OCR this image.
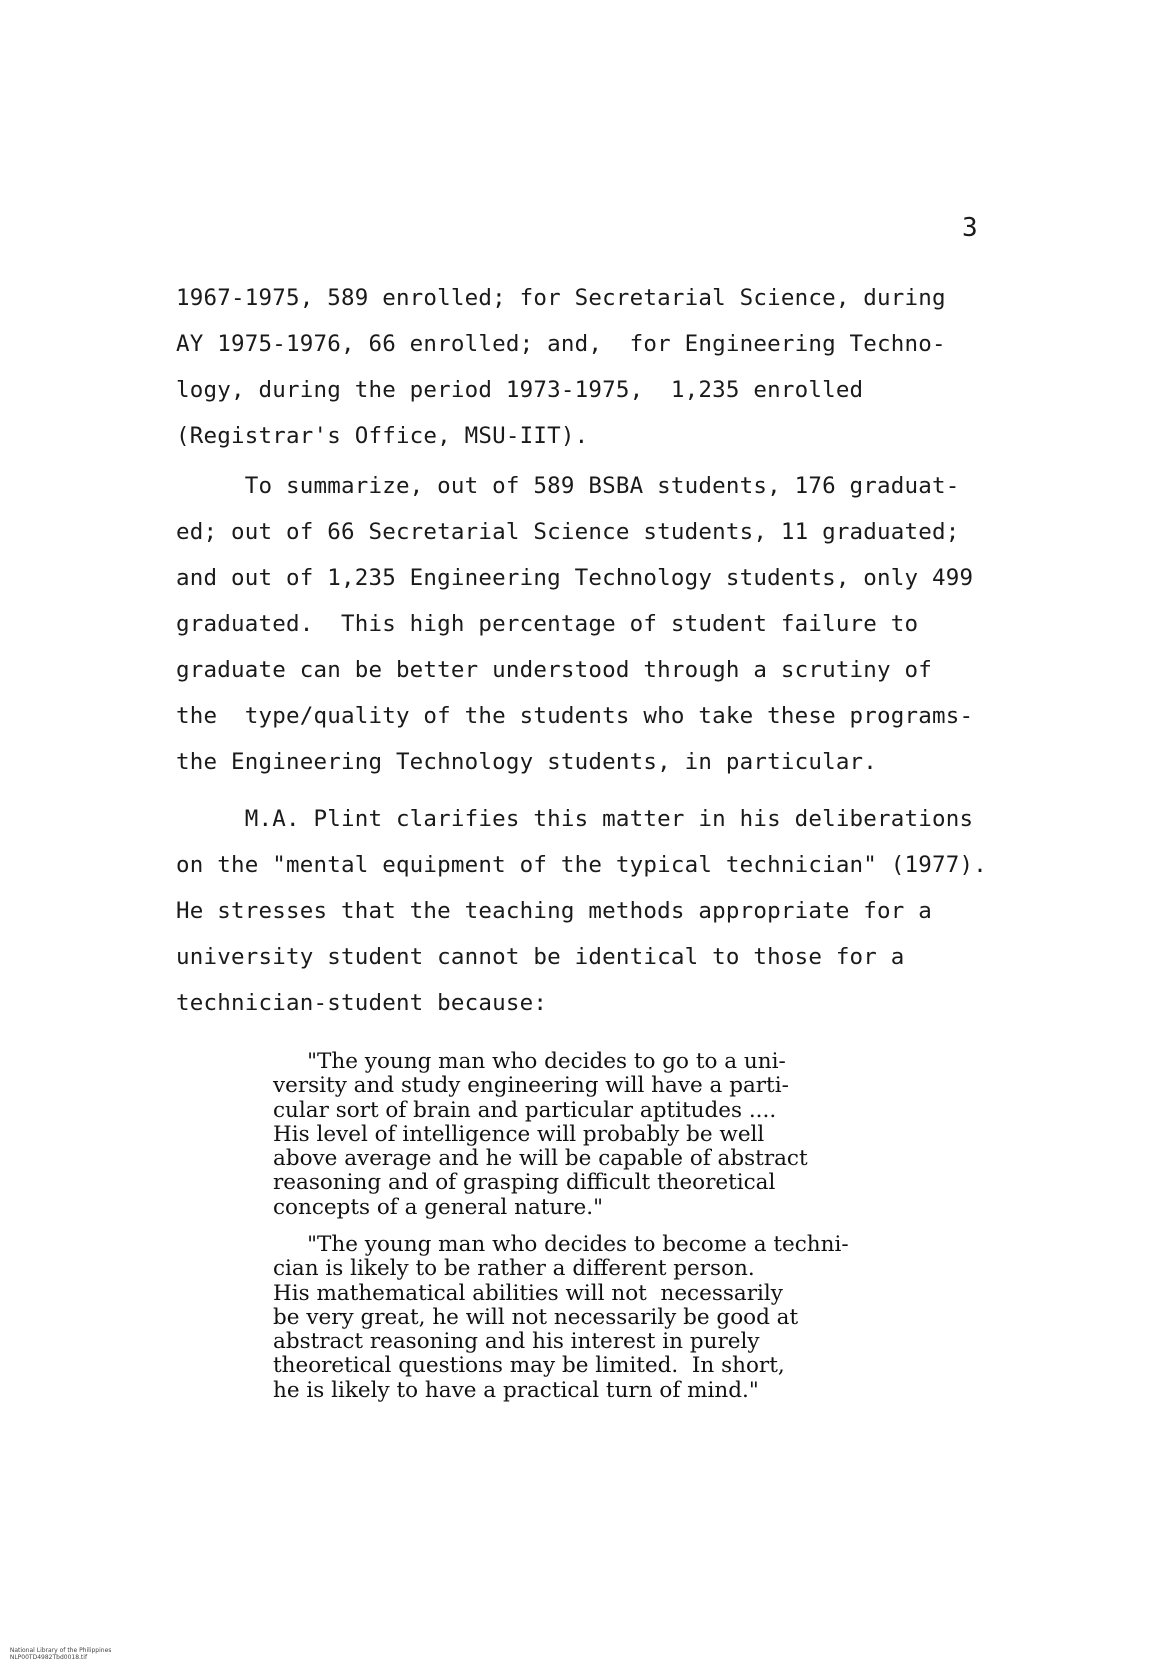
3
1967-1975, 589 enrolled; for Secretarial Science, during
AY 1975-1976, 66 enrolled; and,  for Engineering Techno-
logy, during the period 1973-1975,  1,235 enrolled
(Registrar's Office, MSU-IIT).
To summarize, out of 589 BSBA students, 176 graduat-
ed; out of 66 Secretarial Science students, 11 graduated;
and out of 1,235 Engineering Technology students, only 499
graduated.  This high percentage of student failure to
graduate can be better understood through a scrutiny of
the  type/quality of the students who take these programs-
the Engineering Technology students, in particular.
M.A. Plint clarifies this matter in his deliberations
on the "mental equipment of the typical technician" (1977).
He stresses that the teaching methods appropriate for a
university student cannot be identical to those for a
technician-student because:
"The young man who decides to go to a uni-
versity and study engineering will have a parti-
cular sort of brain and particular aptitudes ....
His level of intelligence will probably be well
above average and he will be capable of abstract
reasoning and of grasping difficult theoretical
concepts of a general nature."
"The young man who decides to become a techni-
cian is likely to be rather a different person.
His mathematical abilities will not  necessarily
be very great, he will not necessarily be good at
abstract reasoning and his interest in purely
theoretical questions may be limited.  In short,
he is likely to have a practical turn of mind."

National Library of the Philippines
NLP00TD4982Tbd0018.tif
